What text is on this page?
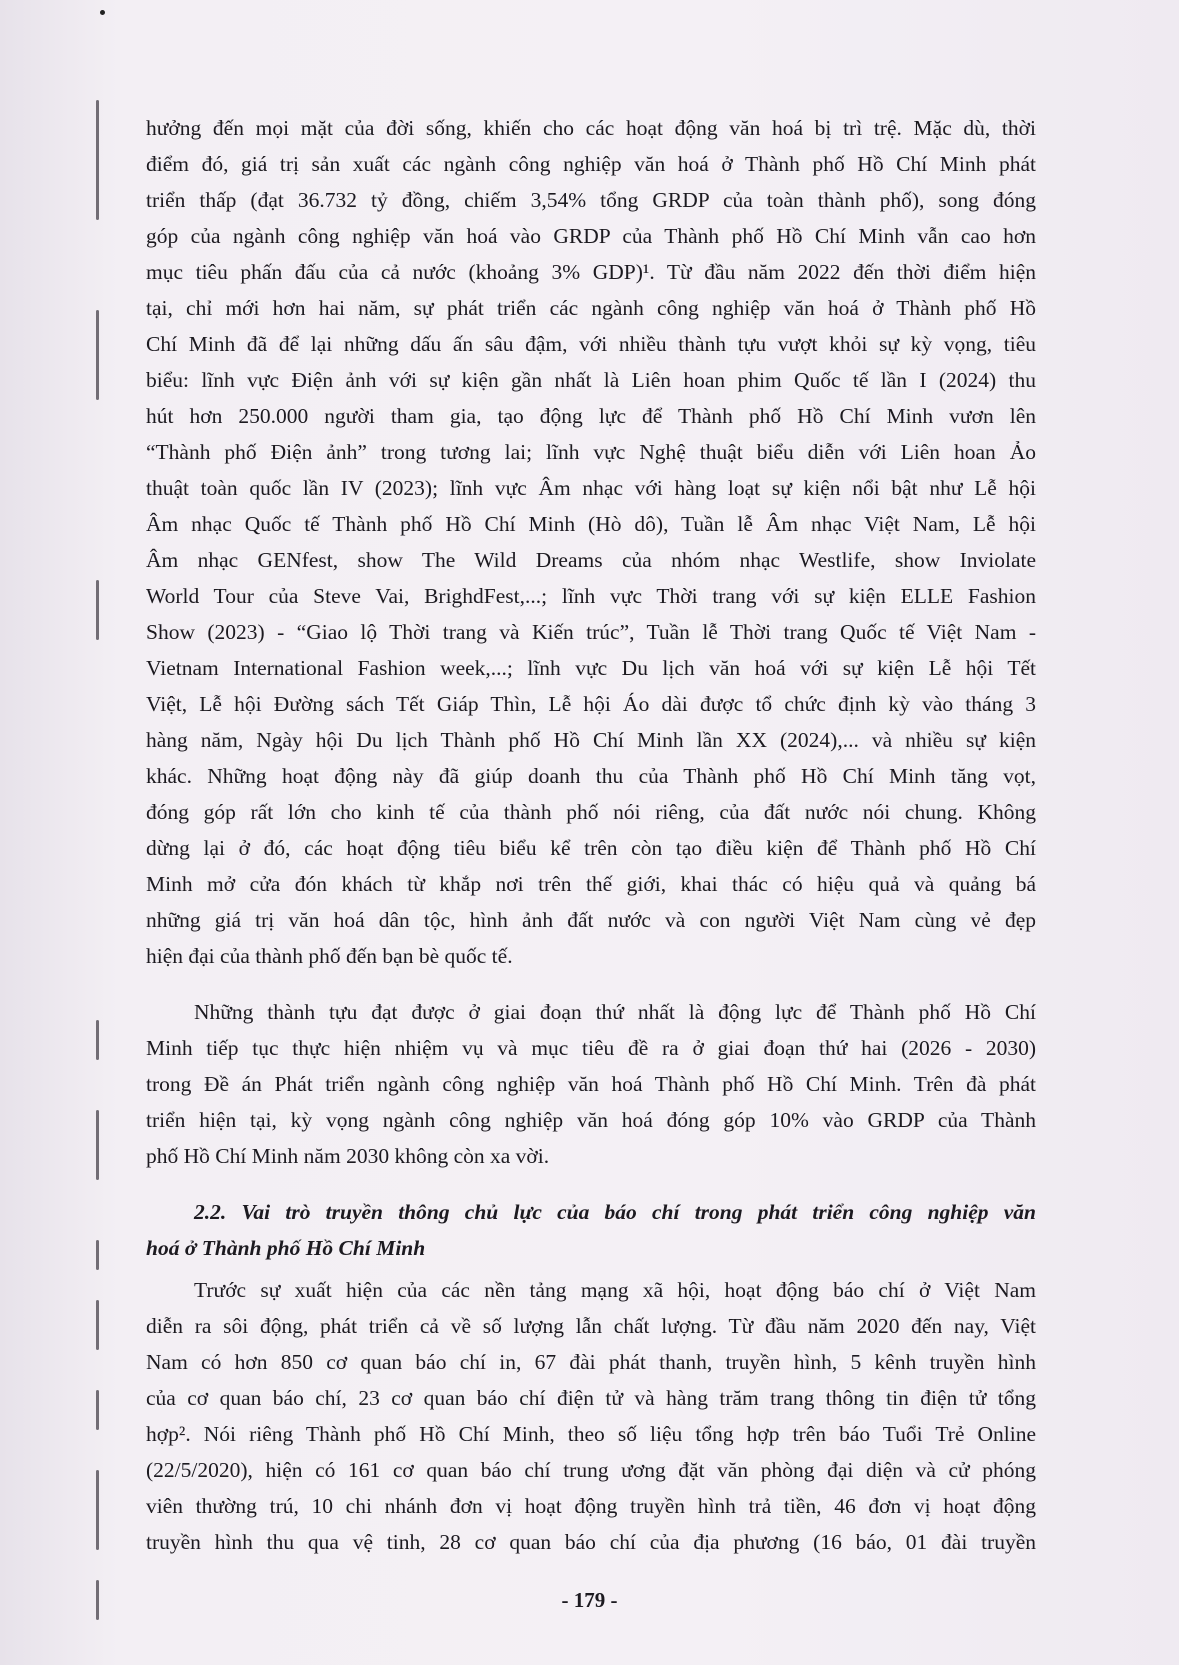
hưởng đến mọi mặt của đời sống, khiến cho các hoạt động văn hoá bị trì trệ. Mặc dù, thời
điểm đó, giá trị sản xuất các ngành công nghiệp văn hoá ở Thành phố Hồ Chí Minh phát
triển thấp (đạt 36.732 tỷ đồng, chiếm 3,54% tổng GRDP của toàn thành phố), song đóng
góp của ngành công nghiệp văn hoá vào GRDP của Thành phố Hồ Chí Minh vẫn cao hơn
mục tiêu phấn đấu của cả nước (khoảng 3% GDP)¹. Từ đầu năm 2022 đến thời điểm hiện
tại, chỉ mới hơn hai năm, sự phát triển các ngành công nghiệp văn hoá ở Thành phố Hồ
Chí Minh đã để lại những dấu ấn sâu đậm, với nhiều thành tựu vượt khỏi sự kỳ vọng, tiêu
biểu: lĩnh vực Điện ảnh với sự kiện gần nhất là Liên hoan phim Quốc tế lần I (2024) thu
hút hơn 250.000 người tham gia, tạo động lực để Thành phố Hồ Chí Minh vươn lên
“Thành phố Điện ảnh” trong tương lai; lĩnh vực Nghệ thuật biểu diễn với Liên hoan Ảo
thuật toàn quốc lần IV (2023); lĩnh vực Âm nhạc với hàng loạt sự kiện nổi bật như Lễ hội
Âm nhạc Quốc tế Thành phố Hồ Chí Minh (Hò dô), Tuần lễ Âm nhạc Việt Nam, Lễ hội
Âm nhạc GENfest, show The Wild Dreams của nhóm nhạc Westlife, show Inviolate
World Tour của Steve Vai, BrighdFest,...; lĩnh vực Thời trang với sự kiện ELLE Fashion
Show (2023) - “Giao lộ Thời trang và Kiến trúc”, Tuần lễ Thời trang Quốc tế Việt Nam -
Vietnam International Fashion week,...; lĩnh vực Du lịch văn hoá với sự kiện Lễ hội Tết
Việt, Lễ hội Đường sách Tết Giáp Thìn, Lễ hội Áo dài được tổ chức định kỳ vào tháng 3
hàng năm, Ngày hội Du lịch Thành phố Hồ Chí Minh lần XX (2024),... và nhiều sự kiện
khác. Những hoạt động này đã giúp doanh thu của Thành phố Hồ Chí Minh tăng vọt,
đóng góp rất lớn cho kinh tế của thành phố nói riêng, của đất nước nói chung. Không
dừng lại ở đó, các hoạt động tiêu biểu kể trên còn tạo điều kiện để Thành phố Hồ Chí
Minh mở cửa đón khách từ khắp nơi trên thế giới, khai thác có hiệu quả và quảng bá
những giá trị văn hoá dân tộc, hình ảnh đất nước và con người Việt Nam cùng vẻ đẹp
hiện đại của thành phố đến bạn bè quốc tế.
Những thành tựu đạt được ở giai đoạn thứ nhất là động lực để Thành phố Hồ Chí
Minh tiếp tục thực hiện nhiệm vụ và mục tiêu đề ra ở giai đoạn thứ hai (2026 - 2030)
trong Đề án Phát triển ngành công nghiệp văn hoá Thành phố Hồ Chí Minh. Trên đà phát
triển hiện tại, kỳ vọng ngành công nghiệp văn hoá đóng góp 10% vào GRDP của Thành
phố Hồ Chí Minh năm 2030 không còn xa vời.
2.2. Vai trò truyền thông chủ lực của báo chí trong phát triển công nghiệp văn
hoá ở Thành phố Hồ Chí Minh
Trước sự xuất hiện của các nền tảng mạng xã hội, hoạt động báo chí ở Việt Nam
diễn ra sôi động, phát triển cả về số lượng lẫn chất lượng. Từ đầu năm 2020 đến nay, Việt
Nam có hơn 850 cơ quan báo chí in, 67 đài phát thanh, truyền hình, 5 kênh truyền hình
của cơ quan báo chí, 23 cơ quan báo chí điện tử và hàng trăm trang thông tin điện tử tổng
hợp². Nói riêng Thành phố Hồ Chí Minh, theo số liệu tổng hợp trên báo Tuổi Trẻ Online
(22/5/2020), hiện có 161 cơ quan báo chí trung ương đặt văn phòng đại diện và cử phóng
viên thường trú, 10 chi nhánh đơn vị hoạt động truyền hình trả tiền, 46 đơn vị hoạt động
truyền hình thu qua vệ tinh, 28 cơ quan báo chí của địa phương (16 báo, 01 đài truyền
- 179 -
